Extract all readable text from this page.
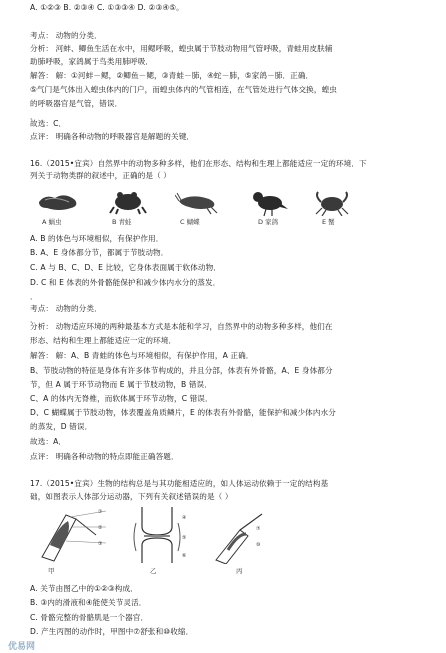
A. ①②③ B. ②③④ C. ①③③④ D. ②③④⑤。
考点： 动物的分类．
分析： 河蚌、鲫鱼生活在水中，用鳃呼吸，蝗虫属于节肢动物用气管呼吸，青蛙用皮肤辅
助肺呼吸，家鸽属于鸟类用肺呼吸．
解答： 解：①河蚌－鳃，②鲫鱼－鳃，③青蛙－肺，④蛇－肺，⑤家鸽－肺．正确．
⑤气门是气体出入蝗虫体内的门户，而蝗虫体内的气管相连，在气管处进行气体交换，蝗虫
的呼吸器官是气管，错误．
．
故选：C．
点评： 明确各种动物的呼吸器官是解题的关键．
16.（2015•宜宾）自然界中的动物多种多样，他们在形态、结构和生理上都能适应一定的环境．下
列关于动物类群的叙述中，正确的是（ ）
A 蜗虫	B 青蛙	C 蝴蝶	D 家鸽	E 蟹
A. B 的体色与环境相似，有保护作用．
B. A、E 身体都分节，都属于节肢动物．
C. A 与 B、C、D、E 比较，它身体表面属于软体动物．
D. C 和 E 体表的外骨骼能保护和减少体内水分的蒸发．
．
考点： 动物的分类．
．
分析： 动物适应环境的两种最基本方式是本能和学习，自然界中的动物多种多样，他们在
形态、结构和生理上都能适应一定的环境．
解答： 解：A、B 青蛙的体色与环境相似，有保护作用，A 正确．
B、节肢动物的特征是身体有许多体节构成的，并且分部，体表有外骨骼，A、E 身体都分
节，但 A 属于环节动物而 E 属于节肢动物，B 错误．
C、A 的体内无脊椎，而软体属于环节动物，C 错误．
D、C 蝴蝶属于节肢动物，体表覆盖角质鳞片，E 的体表有外骨骼，能保护和减少体内水分
的蒸发，D 错误．
故选：A．
点评： 明确各种动物的特点即能正确答题．
17.（2015•宜宾）生物的结构总是与其功能相适应的，如人体运动依赖于一定的结构基
础，如图表示人体部分运动器，下列有关叙述错误的是（ ）
①
②
③
甲
④
⑤
⑥
乙
⑦
⑩
丙
A. 关节由图乙中的①②③构成．
B. ③内的滑液和④能使关节灵活．
C. 骨骼完整的骨骼肌是一个器官．
D. 产生丙图的动作时，甲图中⑦舒张和⑩收缩．
优易网
